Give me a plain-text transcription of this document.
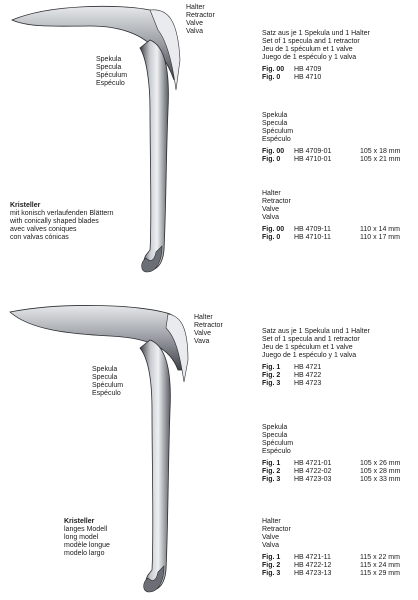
Halter
Retractor
Valve
Valva
Spekula
Specula
Spéculum
Espéculo
Kristeller
mit konisch verlaufenden Blättern
with conically shaped blades
avec valves coniques
con valvas cónicas
Satz aus je 1 Spekula und 1 Halter
Set of 1 specula and 1 retractor
Jeu de 1 spéculum et 1 valve
Juego de 1 espéculo y 1 valva
Fig. 00	HB 4709
Fig. 0	HB 4710
Spekula
Specula
Spéculum
Espéculo
Fig. 00	HB 4709-01	105 x 18 mm
Fig. 0	HB 4710-01	105 x 21 mm
Halter
Retractor
Valve
Valva
Fig. 00	HB 4709-11	110 x 14 mm
Fig. 0	HB 4710-11	110 x 17 mm
Halter
Retractor
Valve
Vava
Spekula
Specula
Spéculum
Espéculo
Kristeller
langes Modell
long model
modèle longue
modelo largo
Satz aus je 1 Spekula und 1 Halter
Set of 1 specula and 1 retractor
Jeu de 1 spéculum et 1 valve
Juego de 1 espéculo y 1 valva
Fig. 1	HB 4721
Fig. 2	HB 4722
Fig. 3	HB 4723
Spekula
Specula
Spéculum
Espéculo
Fig. 1	HB 4721-01	105 x 26 mm
Fig. 2	HB 4722-02	105 x 28 mm
Fig. 3	HB 4723-03	105 x 33 mm
Halter
Retractor
Valve
Valva
Fig. 1	HB 4721-11	115 x 22 mm
Fig. 2	HB 4722-12	115 x 24 mm
Fig. 3	HB 4723-13	115 x 29 mm
